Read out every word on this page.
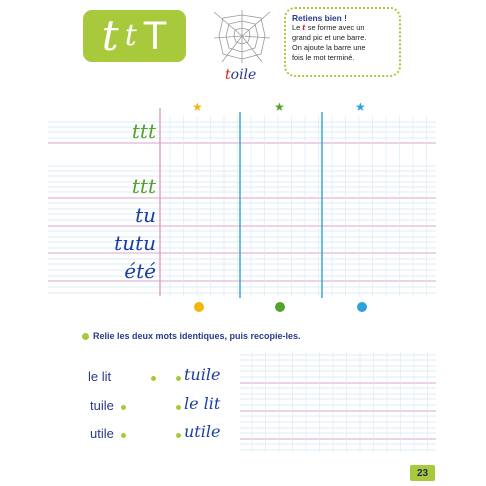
t t T
toile
Retiens bien !
Le t se forme avec un
grand pic et une barre.
On ajoute la barre une
fois le mot terminé.
★	★	★
ttt
ttt
tu
tutu
été
Relie les deux mots identiques, puis recopie-les.
le lit
tuile
utile
tuile
le lit
utile
23
